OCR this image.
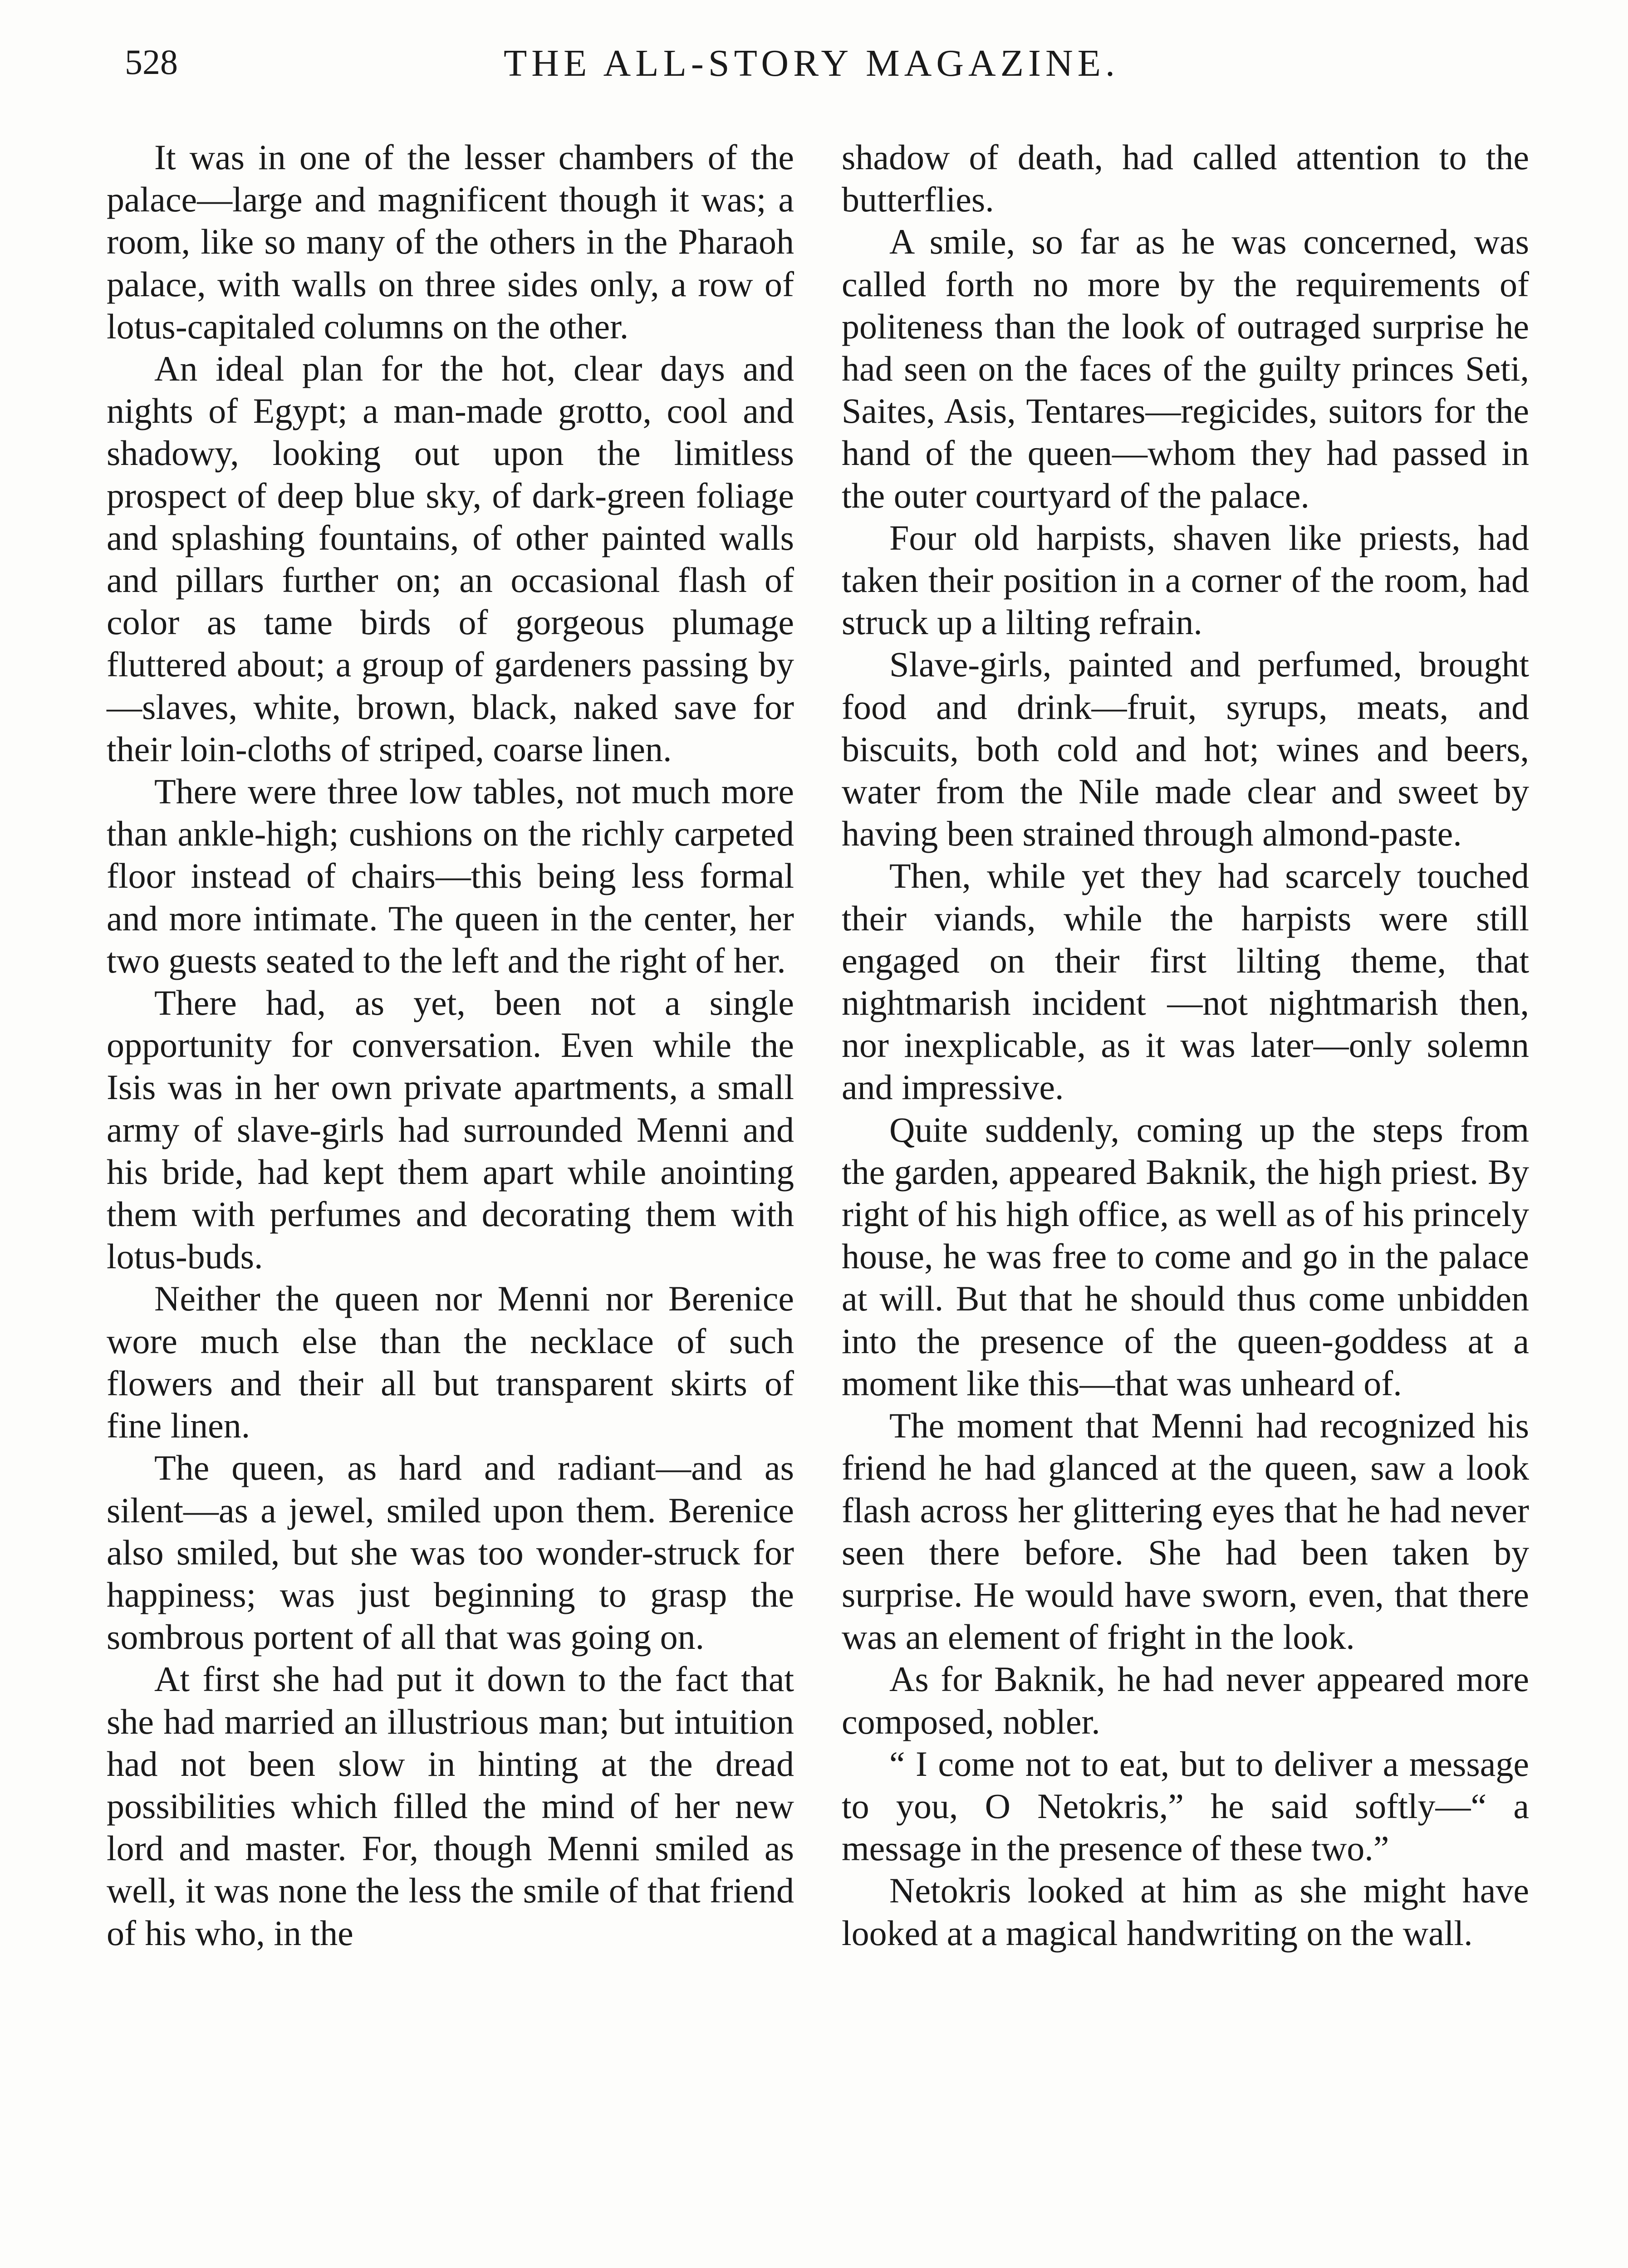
528	THE ALL-STORY MAGAZINE.

It was in one of the lesser chambers of the palace—large and magnificent though it was; a room, like so many of the others in the Pharaoh palace, with walls on three sides only, a row of lotus-capitaled columns on the other.

An ideal plan for the hot, clear days and nights of Egypt; a man-made grotto, cool and shadowy, looking out upon the limitless prospect of deep blue sky, of dark-green foliage and splashing fountains, of other painted walls and pillars further on; an occasional flash of color as tame birds of gorgeous plumage fluttered about; a group of gardeners passing by—slaves, white, brown, black, naked save for their loin-cloths of striped, coarse linen.

There were three low tables, not much more than ankle-high; cushions on the richly carpeted floor instead of chairs—this being less formal and more intimate. The queen in the center, her two guests seated to the left and the right of her.

There had, as yet, been not a single opportunity for conversation. Even while the Isis was in her own private apartments, a small army of slave-girls had surrounded Menni and his bride, had kept them apart while anointing them with perfumes and decorating them with lotus-buds.

Neither the queen nor Menni nor Berenice wore much else than the necklace of such flowers and their all but transparent skirts of fine linen.

The queen, as hard and radiant—and as silent—as a jewel, smiled upon them. Berenice also smiled, but she was too wonder-struck for happiness; was just beginning to grasp the sombrous portent of all that was going on.

At first she had put it down to the fact that she had married an illustrious man; but intuition had not been slow in hinting at the dread possibilities which filled the mind of her new lord and master. For, though Menni smiled as well, it was none the less the smile of that friend of his who, in the

shadow of death, had called attention to the butterflies.

A smile, so far as he was concerned, was called forth no more by the requirements of politeness than the look of outraged surprise he had seen on the faces of the guilty princes Seti, Saites, Asis, Tentares—regicides, suitors for the hand of the queen—whom they had passed in the outer courtyard of the palace.

Four old harpists, shaven like priests, had taken their position in a corner of the room, had struck up a lilting refrain.

Slave-girls, painted and perfumed, brought food and drink—fruit, syrups, meats, and biscuits, both cold and hot; wines and beers, water from the Nile made clear and sweet by having been strained through almond-paste.

Then, while yet they had scarcely touched their viands, while the harpists were still engaged on their first lilting theme, that nightmarish incident —not nightmarish then, nor inexplicable, as it was later—only solemn and impressive.

Quite suddenly, coming up the steps from the garden, appeared Baknik, the high priest. By right of his high office, as well as of his princely house, he was free to come and go in the palace at will. But that he should thus come unbidden into the presence of the queen-goddess at a moment like this—that was unheard of.

The moment that Menni had recognized his friend he had glanced at the queen, saw a look flash across her glittering eyes that he had never seen there before. She had been taken by surprise. He would have sworn, even, that there was an element of fright in the look.

As for Baknik, he had never appeared more composed, nobler.

“ I come not to eat, but to deliver a message to you, O Netokris,” he said softly—“ a message in the presence of these two.”

Netokris looked at him as she might have looked at a magical handwriting on the wall.
